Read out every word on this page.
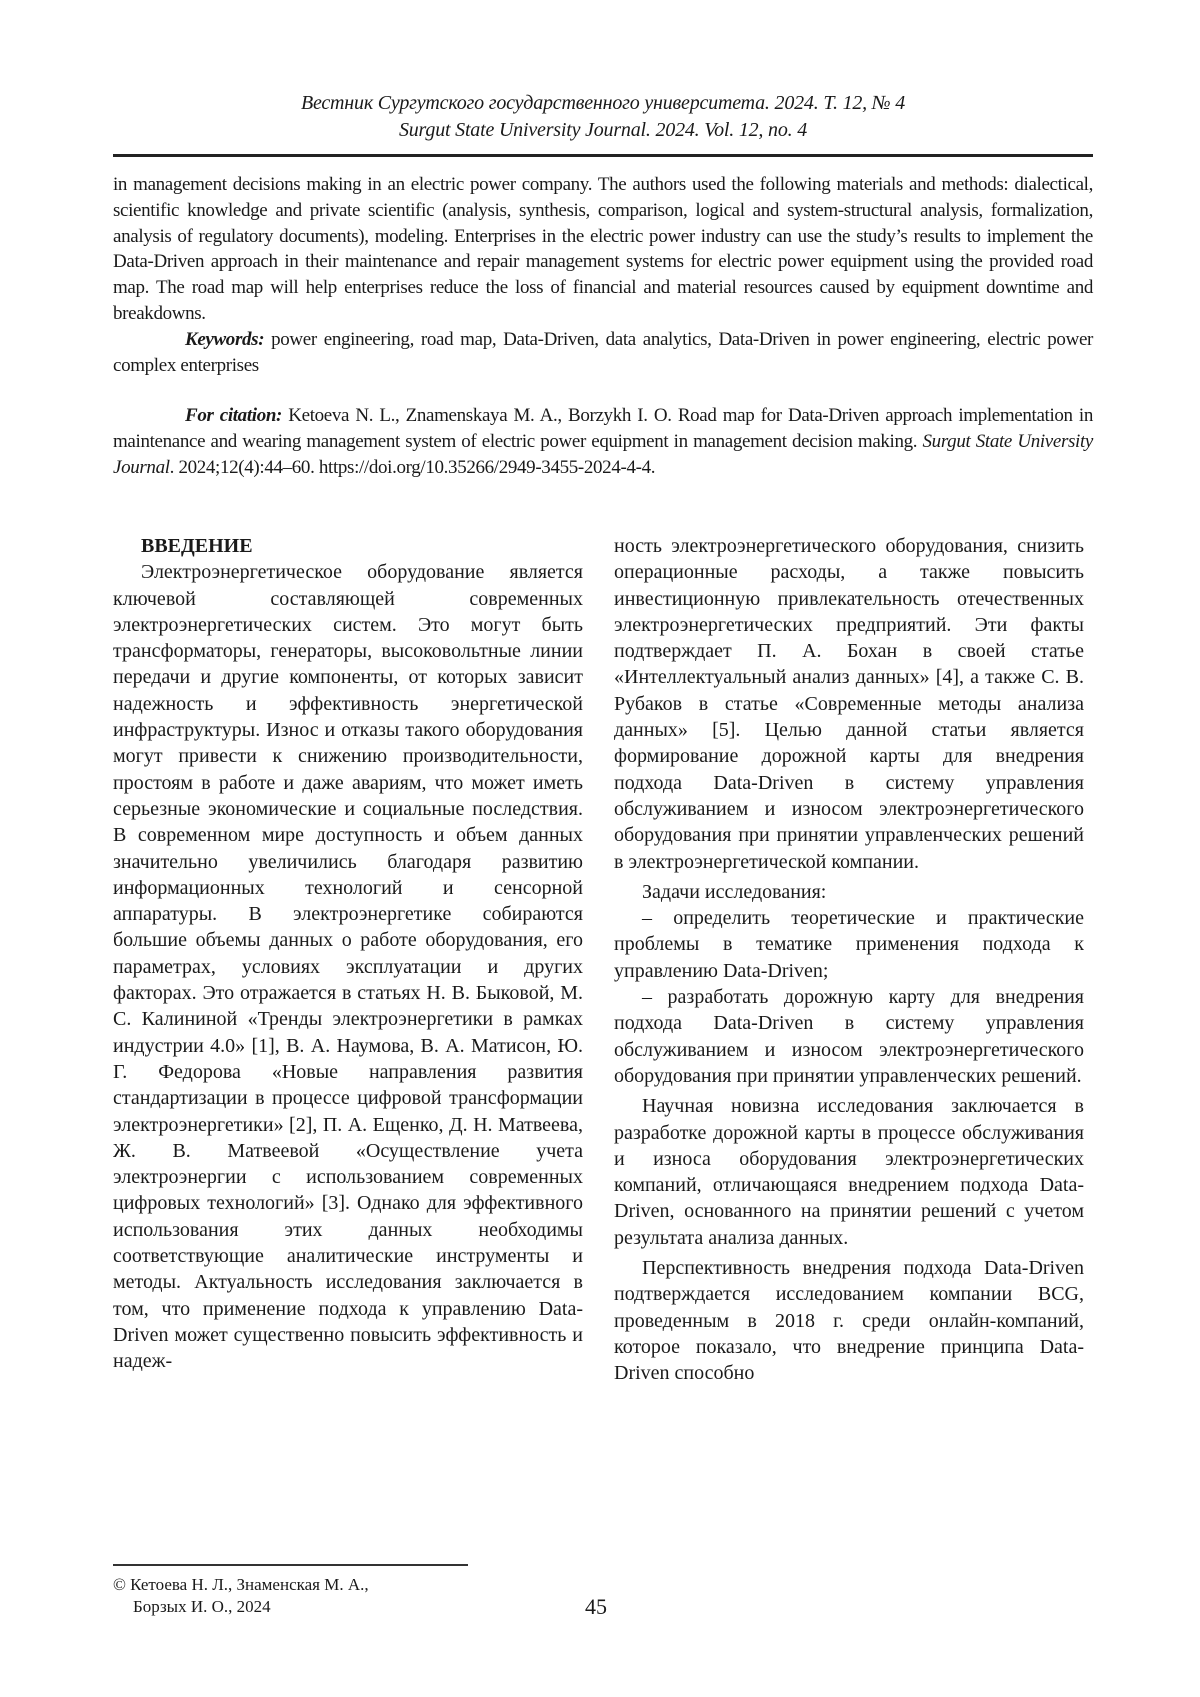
Вестник Сургутского государственного университета. 2024. Т. 12, № 4
Surgut State University Journal. 2024. Vol. 12, no. 4

in management decisions making in an electric power company. The authors used the following materials and methods: dialectical, scientific knowledge and private scientific (analysis, synthesis, comparison, logical and system-structural analysis, formalization, analysis of regulatory documents), modeling. Enterprises in the electric power industry can use the study’s results to implement the Data-Driven approach in their maintenance and repair management systems for electric power equipment using the provided road map. The road map will help enterprises reduce the loss of financial and material resources caused by equipment downtime and breakdowns.

Keywords: power engineering, road map, Data-Driven, data analytics, Data-Driven in power engineering, electric power complex enterprises

For citation: Ketoeva N. L., Znamenskaya M. A., Borzykh I. O. Road map for Data-Driven approach implementation in maintenance and wearing management system of electric power equipment in management decision making. Surgut State University Journal. 2024;12(4):44–60. https://doi.org/10.35266/2949-3455-2024-4-4.

ВВЕДЕНИЕ

Электроэнергетическое оборудование является ключевой составляющей современных электроэнергетических систем. Это могут быть трансформаторы, генераторы, высоковольтные линии передачи и другие компоненты, от которых зависит надежность и эффективность энергетической инфраструктуры. Износ и отказы такого оборудования могут привести к снижению производительности, простоям в работе и даже авариям, что может иметь серьезные экономические и социальные последствия. В современном мире доступность и объем данных значительно увеличились благодаря развитию информационных технологий и сенсорной аппаратуры. В электроэнергетике собираются большие объемы данных о работе оборудования, его параметрах, условиях эксплуатации и других факторах. Это отражается в статьях Н. В. Быковой, М. С. Калининой «Тренды электроэнергетики в рамках индустрии 4.0» [1], В. А. Наумова, В. А. Матисон, Ю. Г. Федорова «Новые направления развития стандартизации в процессе цифровой трансформации электроэнергетики» [2], П. А. Ещенко, Д. Н. Матвеева, Ж. В. Матвеевой «Осуществление учета электроэнергии с использованием современных цифровых технологий» [3]. Однако для эффективного использования этих данных необходимы соответствующие аналитические инструменты и методы. Актуальность исследования заключается в том, что применение подхода к управлению Data-Driven может существенно повысить эффективность и надеж-

ность электроэнергетического оборудования, снизить операционные расходы, а также повысить инвестиционную привлекательность отечественных электроэнергетических предприятий. Эти факты подтверждает П. А. Бохан в своей статье «Интеллектуальный анализ данных» [4], а также С. В. Рубаков в статье «Современные методы анализа данных» [5]. Целью данной статьи является формирование дорожной карты для внедрения подхода Data-Driven в систему управления обслуживанием и износом электроэнергетического оборудования при принятии управленческих решений в электроэнергетической компании.

Задачи исследования:

– определить теоретические и практические проблемы в тематике применения подхода к управлению Data-Driven;

– разработать дорожную карту для внедрения подхода Data-Driven в систему управления обслуживанием и износом электроэнергетического оборудования при принятии управленческих решений.

Научная новизна исследования заключается в разработке дорожной карты в процессе обслуживания и износа оборудования электроэнергетических компаний, отличающаяся внедрением подхода Data-Driven, основанного на принятии решений с учетом результата анализа данных.

Перспективность внедрения подхода Data-Driven подтверждается исследованием компании BCG, проведенным в 2018 г. среди онлайн-компаний, которое показало, что внедрение принципа Data-Driven способно

© Кетоева Н. Л., Знаменская М. А.,
Борзых И. О., 2024	45
